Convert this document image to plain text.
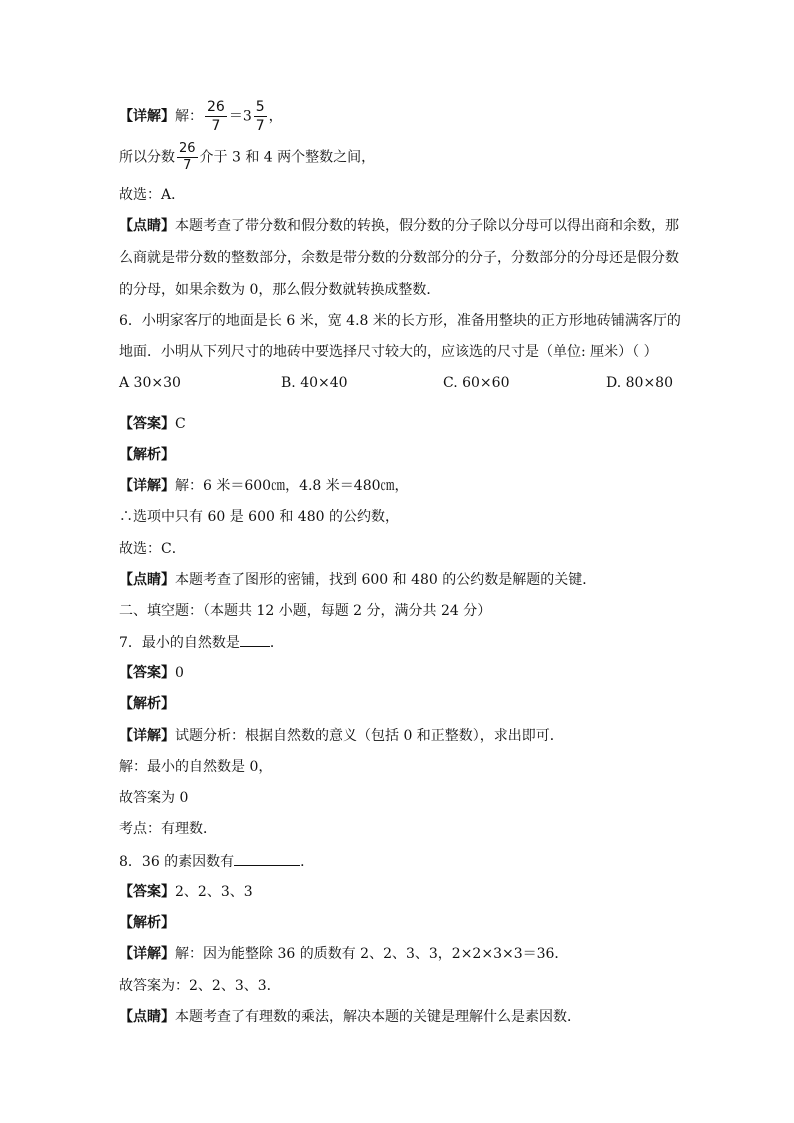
【详解】解： $\frac{26}{7} =3 \frac{5}{7}$ ，
所以分数 $\frac{26}{7}$ 介于 3 和 4 两个整数之间，
故选：A．
【点睛】本题考查了带分数和假分数的转换，假分数的分子除以分母可以得出商和余数，那
么商就是带分数的整数部分，余数是带分数的分数部分的分子，分数部分的分母还是假分数
的分母，如果余数为 0，那么假分数就转换成整数．
6．小明家客厅的地面是长 6 米，宽 4.8 米的长方形，准备用整块的正方形地砖铺满客厅的
地面．小明从下列尺寸的地砖中要选择尺寸较大的，应该选的尺寸是（单位: 厘米）（ ）
A 30×30	B. 40×40	C. 60×60	D. 80×80
【答案】C
【解析】
【详解】解：6 米＝600㎝，4.8 米＝480㎝，
∴选项中只有 60 是 600 和 480 的公约数，
故选：C．
【点睛】本题考查了图形的密铺，找到 600 和 480 的公约数是解题的关键．
二、填空题：（本题共 12 小题，每题 2 分，满分共 24 分）
7．最小的自然数是 ．
【答案】0
【解析】
【详解】试题分析：根据自然数的意义（包括 0 和正整数），求出即可．
解：最小的自然数是 0，
故答案为 0
考点：有理数．
8．36 的素因数有	．
【答案】2、2、3、3
【解析】
【详解】解：因为能整除 36 的质数有 2、2、3、3，2×2×3×3＝36．
故答案为：2、2、3、3．
【点睛】本题考查了有理数的乘法，解决本题的关键是理解什么是素因数．
